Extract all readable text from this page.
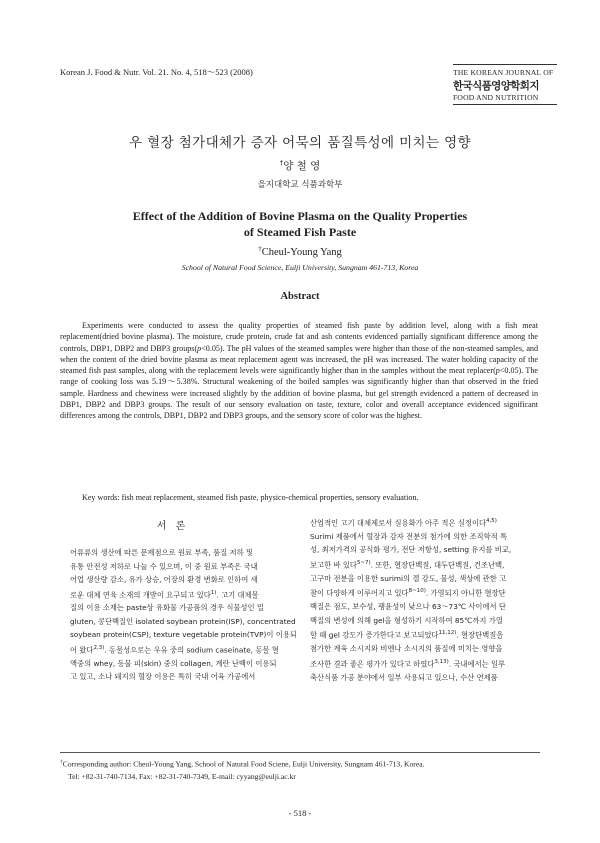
Korean J. Food & Nutr. Vol. 21. No. 4, 518～523 (2008)	THE KOREAN JOURNAL OF
한국식품영양학회지
FOOD AND NUTRITION
우 혈장 첨가대체가 증자 어묵의 품질특성에 미치는 영향
†양 철 영
을지대학교 식품과학부
Effect of the Addition of Bovine Plasma on the Quality Properties
of Steamed Fish Paste
†Cheul-Young Yang
School of Natural Food Science, Eulji University, Sungnam 461-713, Korea
Abstract
Experiments were conducted to assess the quality properties of steamed fish paste by addition level, along with a fish meat replacement(dried bovine plasma). The moisture, crude protein, crude fat and ash contents evidenced partially significant difference among the controls, DBP1, DBP2 and DBP3 groups(p<0.05). The pH values of the steamed samples were higher than those of the non-steamed samples, and when the content of the dried bovine plasma as meat replacement agent was increased, the pH was increased. The water holding capacity of the steamed fish past samples, along with the replacement levels were significantly higher than in the samples without the meat replacer(p<0.05). The range of cooking loss was 5.19～5.38%. Structural weakening of the boiled samples was significantly higher than that observed in the fried sample. Hardness and chewiness were increased slightly by the addition of bovine plasma, but gel strength evidenced a pattern of decreased in DBP1, DBP2 and DBP3 groups. The result of our sensory evaluation on taste, texture, color and overall acceptance evidenced significant differences among the controls, DBP1, DBP2 and DBP3 groups, and the sensory score of color was the highest.
Key words: fish meat replacement, steamed fish paste, physico-chemical properties, sensory evaluation.
서 론
어류류의 생산에 따른 문제점으로 원료 부족, 품질 저하 및
유통 안전성 저하로 나눌 수 있으며, 이 중 원료 부족은 국내
어업 생산량 감소, 유가 상승, 어장의 환경 변화로 인하여 새
로운 대체 연육 소재의 개발이 요구되고 있다$^{1)}$. 고기 대체물
질의 이용 소재는 paste상 유화물 가공품의 경우 식물성인 밀
gluten, 콩단백질인 isolated soybean protein(ISP), concentrated
soybean protein(CSP), texture vegetable protein(TVP)이 이용되
어 왔다$^{2,3)}$. 동물성으로는 우유 중의 sodium caseinate, 동물 혈
액중의 whey, 동물 피(skin) 중의 collagen, 계란 난백이 이용되
고 있고, 소나 돼지의 혈장 이용은 특히 국내 어육 가공에서
산업적인 고기 대체제로서 실용화가 아주 적은 실정이다$^{4,5)}$
Surimi 제품에서 혈장과 감자 전분의 첨가에 의한 조직학적 특
성, 최저가격의 공식화 평가, 전단 저항성, setting 유지를 비교,
보고한 바 있다$^{5\sim 7)}$. 또한, 혈장단백질, 대두단백질, 건조난백,
고구마 전분을 이용한 surimi의 겔 강도, 물성, 색상에 관한 고
찰이 다양하게 이루어지고 있다$^{8\sim 10)}$. 가열되지 아니한 혈장단
백질은 점도, 보수성, 팽윤성이 낮으나 63～73℃ 사이에서 단
백질의 변성에 의해 gel을 형성하기 시작하여 85℃까지 가열
할 때 gel 강도가 증가한다고 보고되었다$^{11,12)}$. 혈장단백질을
첨가한 계육 소시지와 비엔나 소시지의 품질에 미치는 영향을
조사한 결과 좋은 평가가 있다고 하였다$^{3,13)}$. 국내에서는 일부
축산식품 가공 분야에서 일부 사용되고 있으나, 수산 연제품
†Corresponding author: Cheul-Young Yang, School of Natural Food Sciene, Eulji University, Sungnam 461-713, Korea.
Tel: +82-31-740-7134, Fax: +82-31-740-7349, E-mail: cyyang@eulji.ac.kr
- 518 -
